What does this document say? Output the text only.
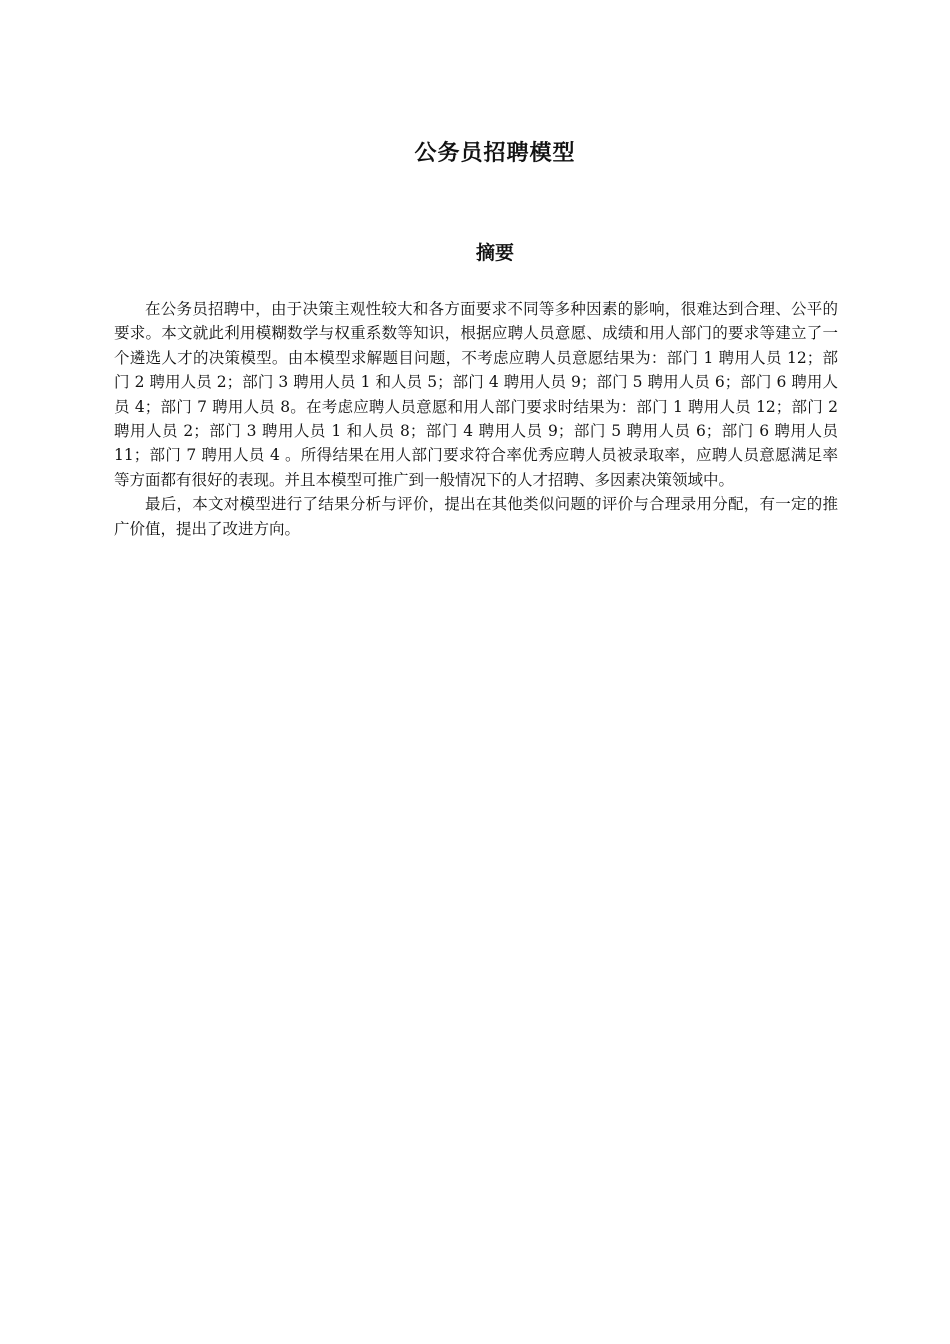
公务员招聘模型
摘要

在公务员招聘中，由于决策主观性较大和各方面要求不同等多种因素的影响，很难达到合理、公平的要求。本文就此利用模糊数学与权重系数等知识，根据应聘人员意愿、成绩和用人部门的要求等建立了一个遴选人才的决策模型。由本模型求解题目问题，不考虑应聘人员意愿结果为：部门 1 聘用人员 12；部门 2 聘用人员 2；部门 3 聘用人员 1 和人员 5；部门 4 聘用人员 9；部门 5 聘用人员 6；部门 6 聘用人员 4；部门 7 聘用人员 8。在考虑应聘人员意愿和用人部门要求时结果为：部门 1 聘用人员 12；部门 2 聘用人员 2；部门 3 聘用人员 1 和人员 8；部门 4 聘用人员 9；部门 5 聘用人员 6；部门 6 聘用人员 11；部门 7 聘用人员 4 。所得结果在用人部门要求符合率优秀应聘人员被录取率，应聘人员意愿满足率等方面都有很好的表现。并且本模型可推广到一般情况下的人才招聘、多因素决策领域中。

最后，本文对模型进行了结果分析与评价，提出在其他类似问题的评价与合理录用分配，有一定的推广价值，提出了改进方向。
